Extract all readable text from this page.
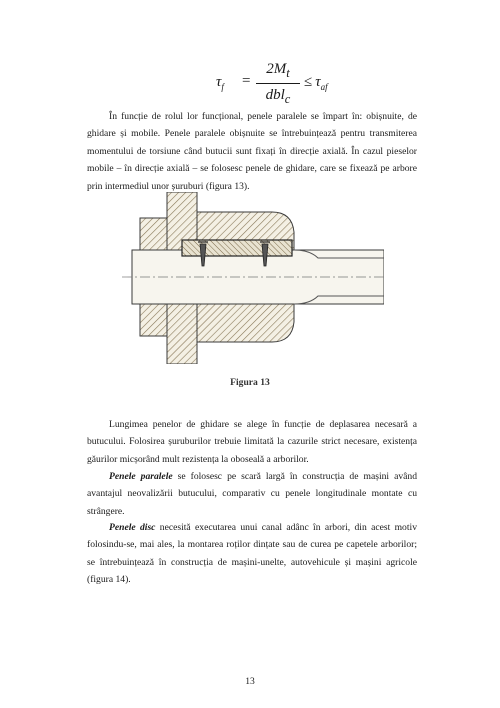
$\tau_f$ =
$2M_t$
dbl$_c$
≤ $\tau_{af}$

În funcție de rolul lor funcțional, penele paralele se împart în: obișnuite, de ghidare și mobile. Penele paralele obișnuite se întrebuințează pentru transmiterea momentului de torsiune când butucii sunt fixați în direcție axială. În cazul pieselor mobile – în direcție axială – se folosesc penele de ghidare, care se fixează pe arbore prin intermediul unor șuruburi (figura 13).

Figura 13

Lungimea penelor de ghidare se alege în funcție de deplasarea necesară a butucului. Folosirea șuruburilor trebuie limitată la cazurile strict necesare, existența găurilor micșorând mult rezistența la oboseală a arborilor.

Penele paralele se folosesc pe scară largă în construcția de mașini având avantajul neovalizării butucului, comparativ cu penele longitudinale montate cu strângere.

Penele disc necesită executarea unui canal adânc în arbori, din acest motiv folosindu-se, mai ales, la montarea roților dințate sau de curea pe capetele arborilor; se întrebuințează în construcția de mașini-unelte, autovehicule și mașini agricole (figura 14).

13
